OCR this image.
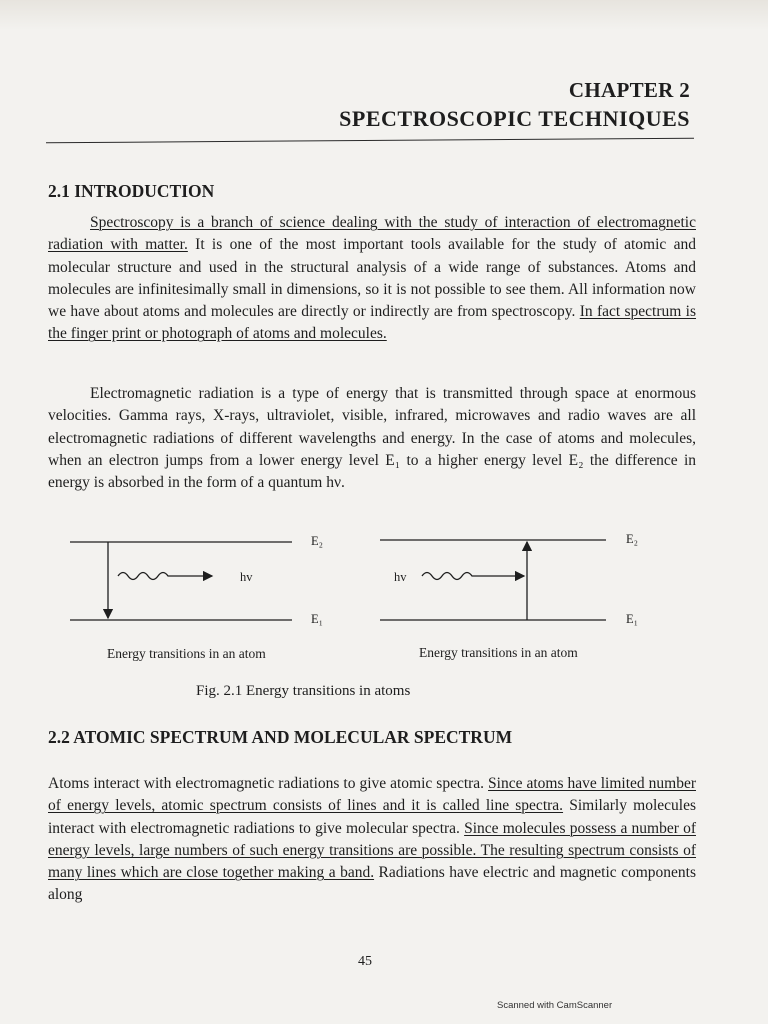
CHAPTER 2
SPECTROSCOPIC TECHNIQUES
2.1 INTRODUCTION

Spectroscopy is a branch of science dealing with the study of interaction of electromagnetic radiation with matter. It is one of the most important tools available for the study of atomic and molecular structure and used in the structural analysis of a wide range of substances. Atoms and molecules are infinitesimally small in dimensions, so it is not possible to see them. All information now we have about atoms and molecules are directly or indirectly are from spectroscopy. In fact spectrum is the finger print or photograph of atoms and molecules.

Electromagnetic radiation is a type of energy that is transmitted through space at enormous velocities. Gamma rays, X-rays, ultraviolet, visible, infrared, microwaves and radio waves are all electromagnetic radiations of different wavelengths and energy. In the case of atoms and molecules, when an electron jumps from a lower energy level E₁ to a higher energy level E₂ the difference in energy is absorbed in the form of a quantum hν.

E₂
E₁
hv
Energy transitions in an atom
E₂
E₁
hv
Energy transitions in an atom
Fig. 2.1 Energy transitions in atoms
2.2 ATOMIC SPECTRUM AND MOLECULAR SPECTRUM

Atoms interact with electromagnetic radiations to give atomic spectra. Since atoms have limited number of energy levels, atomic spectrum consists of lines and it is called line spectra. Similarly molecules interact with electromagnetic radiations to give molecular spectra. Since molecules possess a number of energy levels, large numbers of such energy transitions are possible. The resulting spectrum consists of many lines which are close together making a band. Radiations have electric and magnetic components along

45
Scanned with CamScanner
